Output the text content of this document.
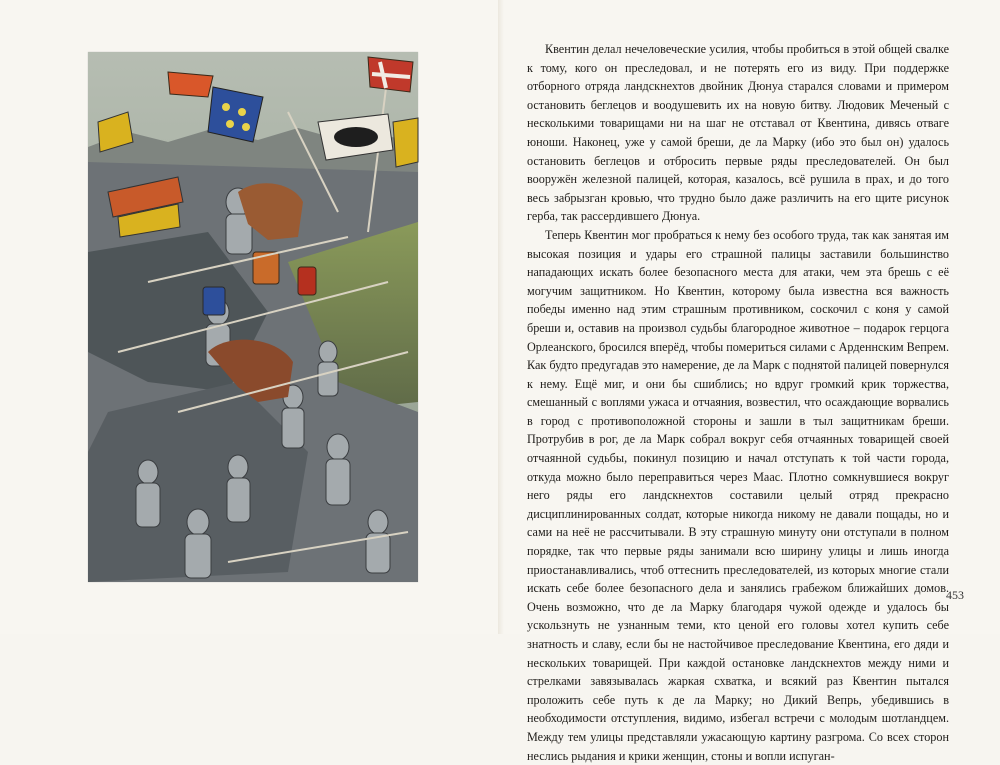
Квентин делал нечеловеческие усилия, чтобы пробиться в этой общей свалке к тому, кого он преследовал, и не потерять его из виду. При поддержке отборного отряда ландскнехтов двойник Дюнуа старался словами и примером остановить беглецов и воодушевить их на новую битву. Людовик Меченый с несколькими товарищами ни на шаг не отставал от Квентина, дивясь отваге юноши. Наконец, уже у самой бреши, де ла Марку (ибо это был он) удалось остановить беглецов и отбросить первые ряды преследователей. Он был вооружён железной палицей, которая, казалось, всё рушила в прах, и до того весь забрызган кровью, что трудно было даже различить на его щите рисунок герба, так рассердившего Дюнуа.

Теперь Квентин мог пробраться к нему без особого труда, так как занятая им высокая позиция и удары его страшной палицы заставили большинство нападающих искать более безопасного места для атаки, чем эта брешь с её могучим защитником. Но Квентин, которому была известна вся важность победы именно над этим страшным противником, соскочил с коня у самой бреши и, оставив на произвол судьбы благородное животное – подарок герцога Орлеанского, бросился вперёд, чтобы помериться силами с Арденнским Вепрем. Как будто предугадав это намерение, де ла Марк с поднятой палицей повернулся к нему. Ещё миг, и они бы сшиблись; но вдруг громкий крик торжества, смешанный с воплями ужаса и отчаяния, возвестил, что осаждающие ворвались в город с противоположной стороны и зашли в тыл защитникам бреши. Протрубив в рог, де ла Марк собрал вокруг себя отчаянных товарищей своей отчаянной судьбы, покинул позицию и начал отступать к той части города, откуда можно было переправиться через Маас. Плотно сомкнувшиеся вокруг него ряды его ландскнехтов составили целый отряд прекрасно дисциплинированных солдат, которые никогда никому не давали пощады, но и сами на неё не рассчитывали. В эту страшную минуту они отступали в полном порядке, так что первые ряды занимали всю ширину улицы и лишь иногда приостанавливались, чтоб оттеснить преследователей, из которых многие стали искать себе более безопасного дела и занялись грабежом ближайших домов. Очень возможно, что де ла Марку благодаря чужой одежде и удалось бы ускользнуть не узнанным теми, кто ценой его головы хотел купить себе знатность и славу, если бы не настойчивое преследование Квентина, его дяди и нескольких товарищей. При каждой остановке ландскнехтов между ними и стрелками завязывалась жаркая схватка, и всякий раз Квентин пытался проложить себе путь к де ла Марку; но Дикий Вепрь, убедившись в необходимости отступления, видимо, избегал встречи с молодым шотландцем. Между тем улицы представляли ужасающую картину разгрома. Со всех сторон неслись рыдания и крики женщин, стоны и вопли испуган-

453
